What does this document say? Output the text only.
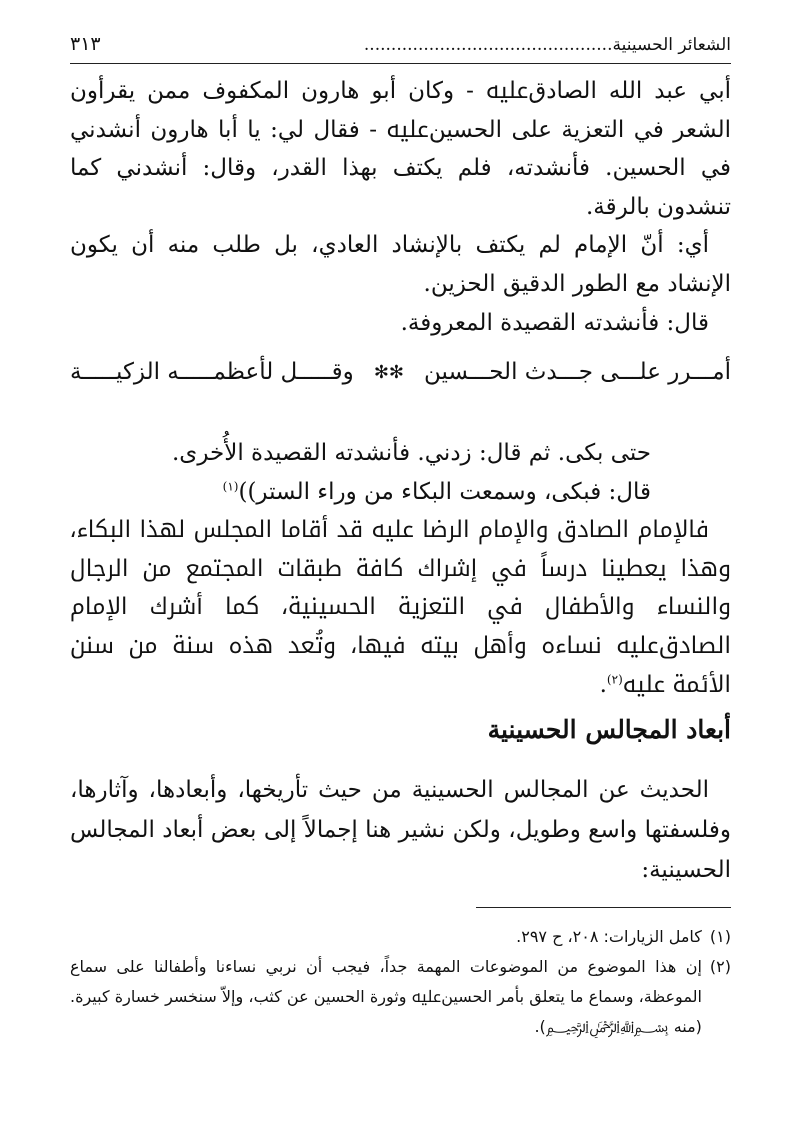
الشعائر الحسينية..............................................
٣١٣

أبي عبد الله الصادقﷷ - وكان أبو هارون المكفوف ممن يقرأون الشعر في التعزية على الحسينﷷ - فقال لي: يا أبا هارون أنشدني في الحسين. فأنشدته، فلم يكتف بهذا القدر، وقال: أنشدني كما تنشدون بالرقة.

أي: أنّ الإمام لم يكتف بالإنشاد العادي، بل طلب منه أن يكون الإنشاد مع الطور الدقيق الحزين.

قال: فأنشدته القصيدة المعروفة.

أمـــرر علـــى جـــدث الحـــسين
✻✻
وقـــــل لأعظمـــــه الزكيـــــة

حتى بكى. ثم قال: زدني. فأنشدته القصيدة الأُخرى.

قال: فبكى، وسمعت البكاء من وراء الستر))$^{(١)}$

فالإمام الصادق والإمام الرضا ﷷ قد أقاما المجلس لهذا البكاء، وهذا يعطينا درساً في إشراك كافة طبقات المجتمع من الرجال والنساء والأطفال في التعزية الحسينية، كما أشرك الإمام الصادقﷷ نساءه وأهل بيته فيها، وتُعد هذه سنة من سنن الأئمة ﷷ$^{(٢)}$.

أبعاد المجالس الحسينية

الحديث عن المجالس الحسينية من حيث تأريخها، وأبعادها، وآثارها، وفلسفتها واسع وطويل، ولكن نشير هنا إجمالاً إلى بعض أبعاد المجالس الحسينية:

(١)
كامل الزيارات: ٢٠٨، ح ٢٩٧.

(٢)
إن هذا الموضوع من الموضوعات المهمة جداً، فيجب أن نربي نساءنا وأطفالنا على سماع الموعظة، وسماع ما يتعلق بأمر الحسينﷷ وثورة الحسين عن كثب، وإلاّ سنخسر خسارة كبيرة. (منه ﷽).
